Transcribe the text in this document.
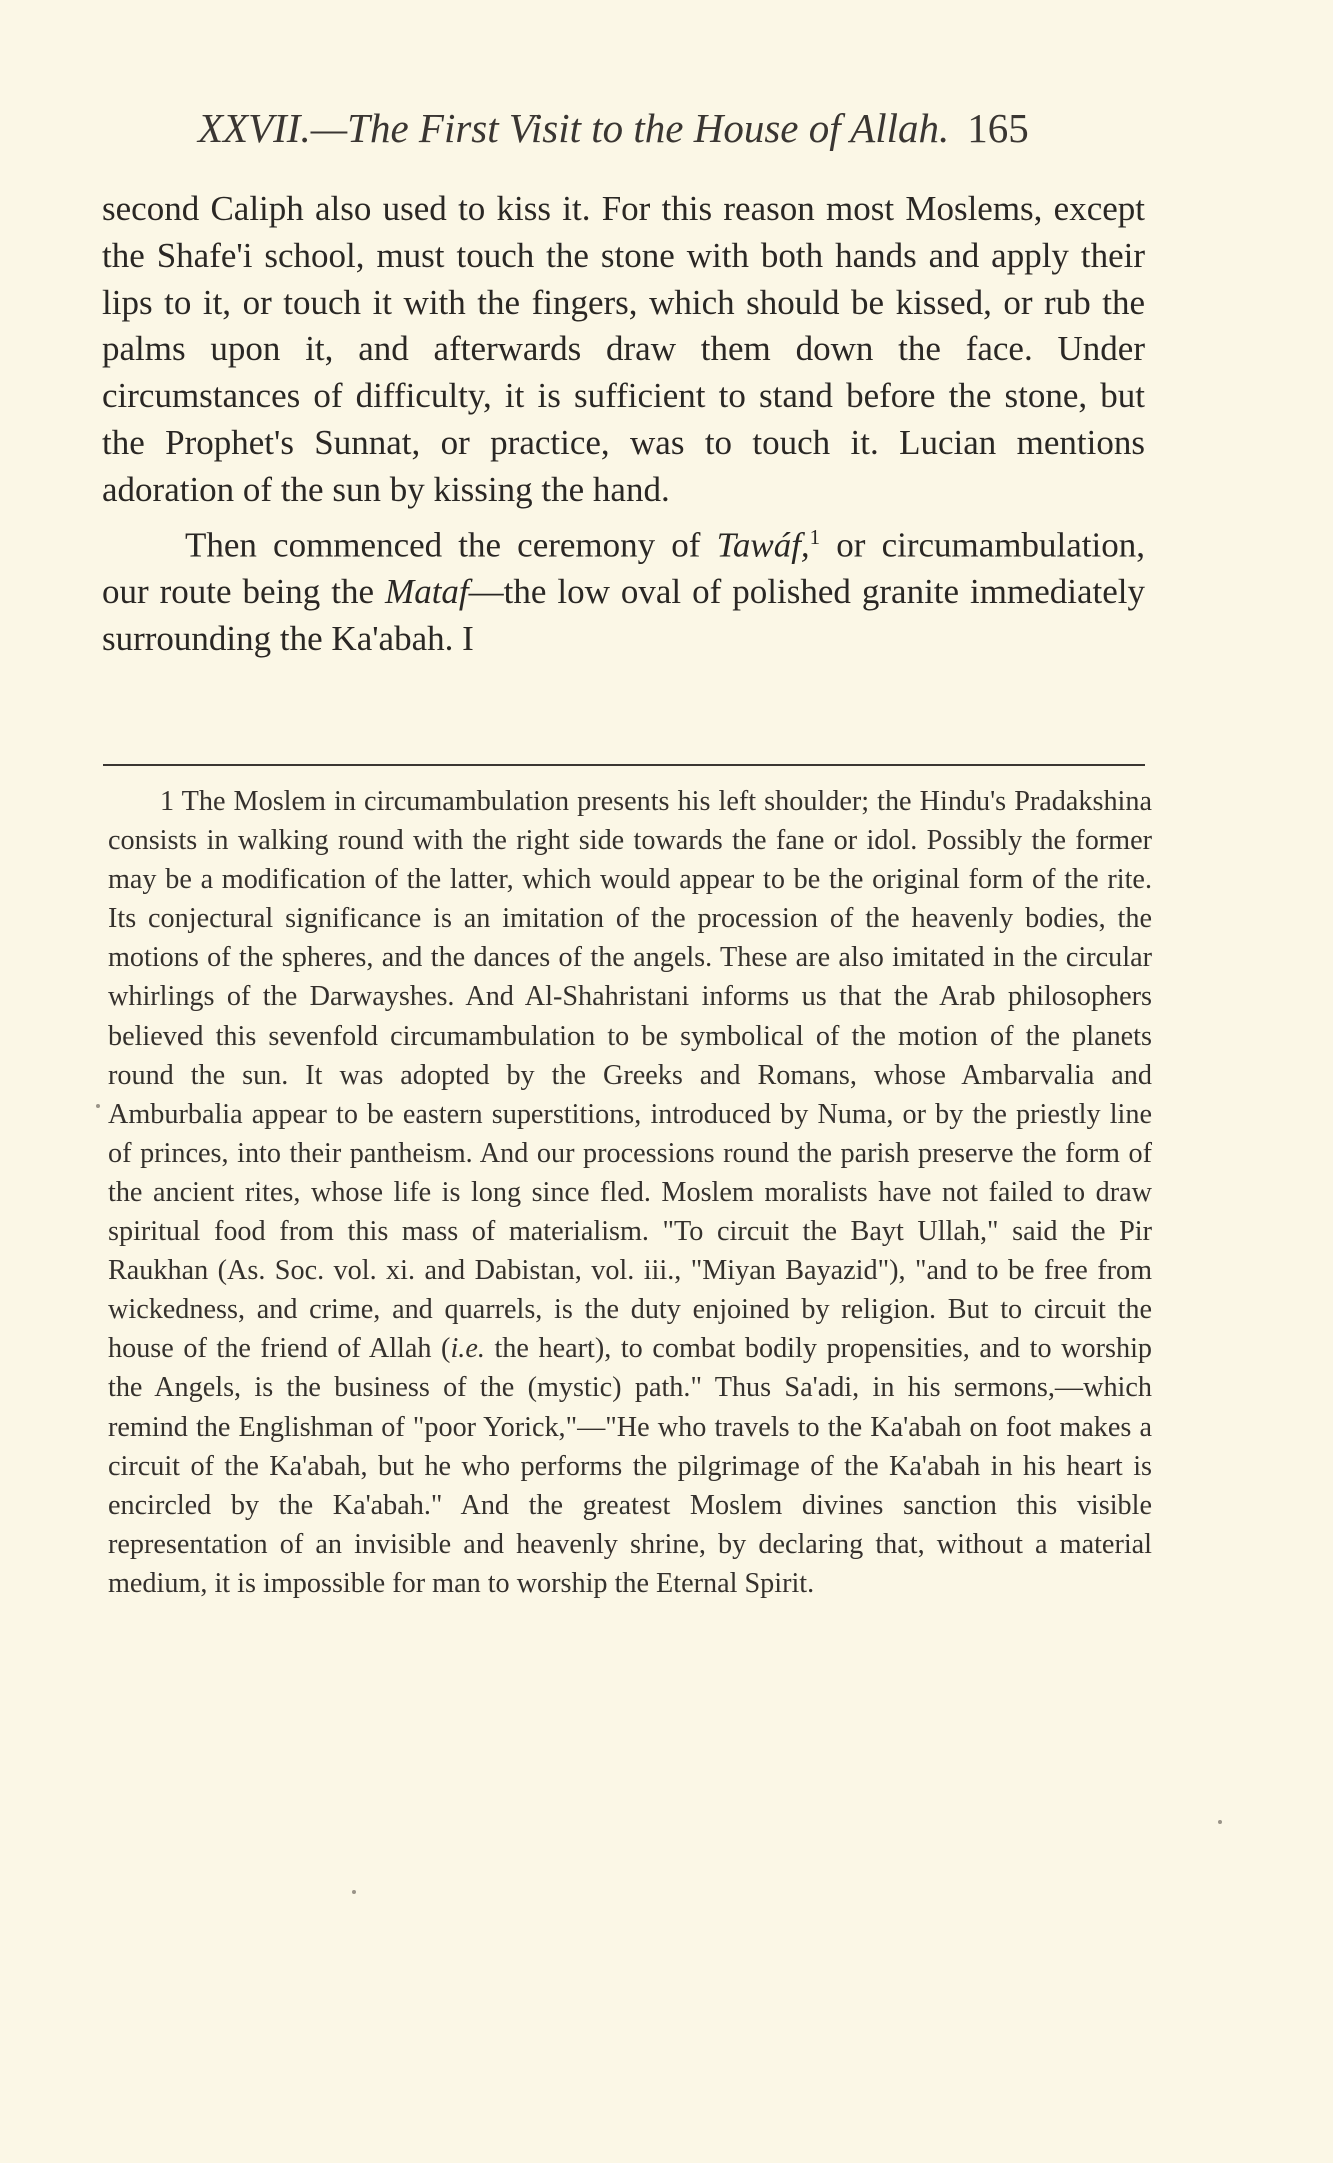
XXVII.—The First Visit to the House of Allah. 165

second Caliph also used to kiss it. For this reason most Moslems, except the Shafe'i school, must touch the stone with both hands and apply their lips to it, or touch it with the fingers, which should be kissed, or rub the palms upon it, and afterwards draw them down the face. Under circumstances of difficulty, it is sufficient to stand before the stone, but the Prophet's Sunnat, or practice, was to touch it. Lucian mentions adoration of the sun by kissing the hand.

Then commenced the ceremony of Tawáf,$^1$ or circumambulation, our route being the Mataf—the low oval of polished granite immediately surrounding the Ka'abah. I

1 The Moslem in circumambulation presents his left shoulder; the Hindu's Pradakshina consists in walking round with the right side towards the fane or idol. Possibly the former may be a modification of the latter, which would appear to be the original form of the rite. Its conjectural significance is an imitation of the procession of the heavenly bodies, the motions of the spheres, and the dances of the angels. These are also imitated in the circular whirlings of the Darwayshes. And Al-Shahristani informs us that the Arab philosophers believed this sevenfold circumambulation to be symbolical of the motion of the planets round the sun. It was adopted by the Greeks and Romans, whose Ambarvalia and Amburbalia appear to be eastern superstitions, introduced by Numa, or by the priestly line of princes, into their pantheism. And our processions round the parish preserve the form of the ancient rites, whose life is long since fled. Moslem moralists have not failed to draw spiritual food from this mass of materialism. "To circuit the Bayt Ullah," said the Pir Raukhan (As. Soc. vol. xi. and Dabistan, vol. iii., "Miyan Bayazid"), "and to be free from wickedness, and crime, and quarrels, is the duty enjoined by religion. But to circuit the house of the friend of Allah (i.e. the heart), to combat bodily propensities, and to worship the Angels, is the business of the (mystic) path." Thus Sa'adi, in his sermons,—which remind the Englishman of "poor Yorick,"—"He who travels to the Ka'abah on foot makes a circuit of the Ka'abah, but he who performs the pilgrimage of the Ka'abah in his heart is encircled by the Ka'abah." And the greatest Moslem divines sanction this visible representation of an invisible and heavenly shrine, by declaring that, without a material medium, it is impossible for man to worship the Eternal Spirit.
